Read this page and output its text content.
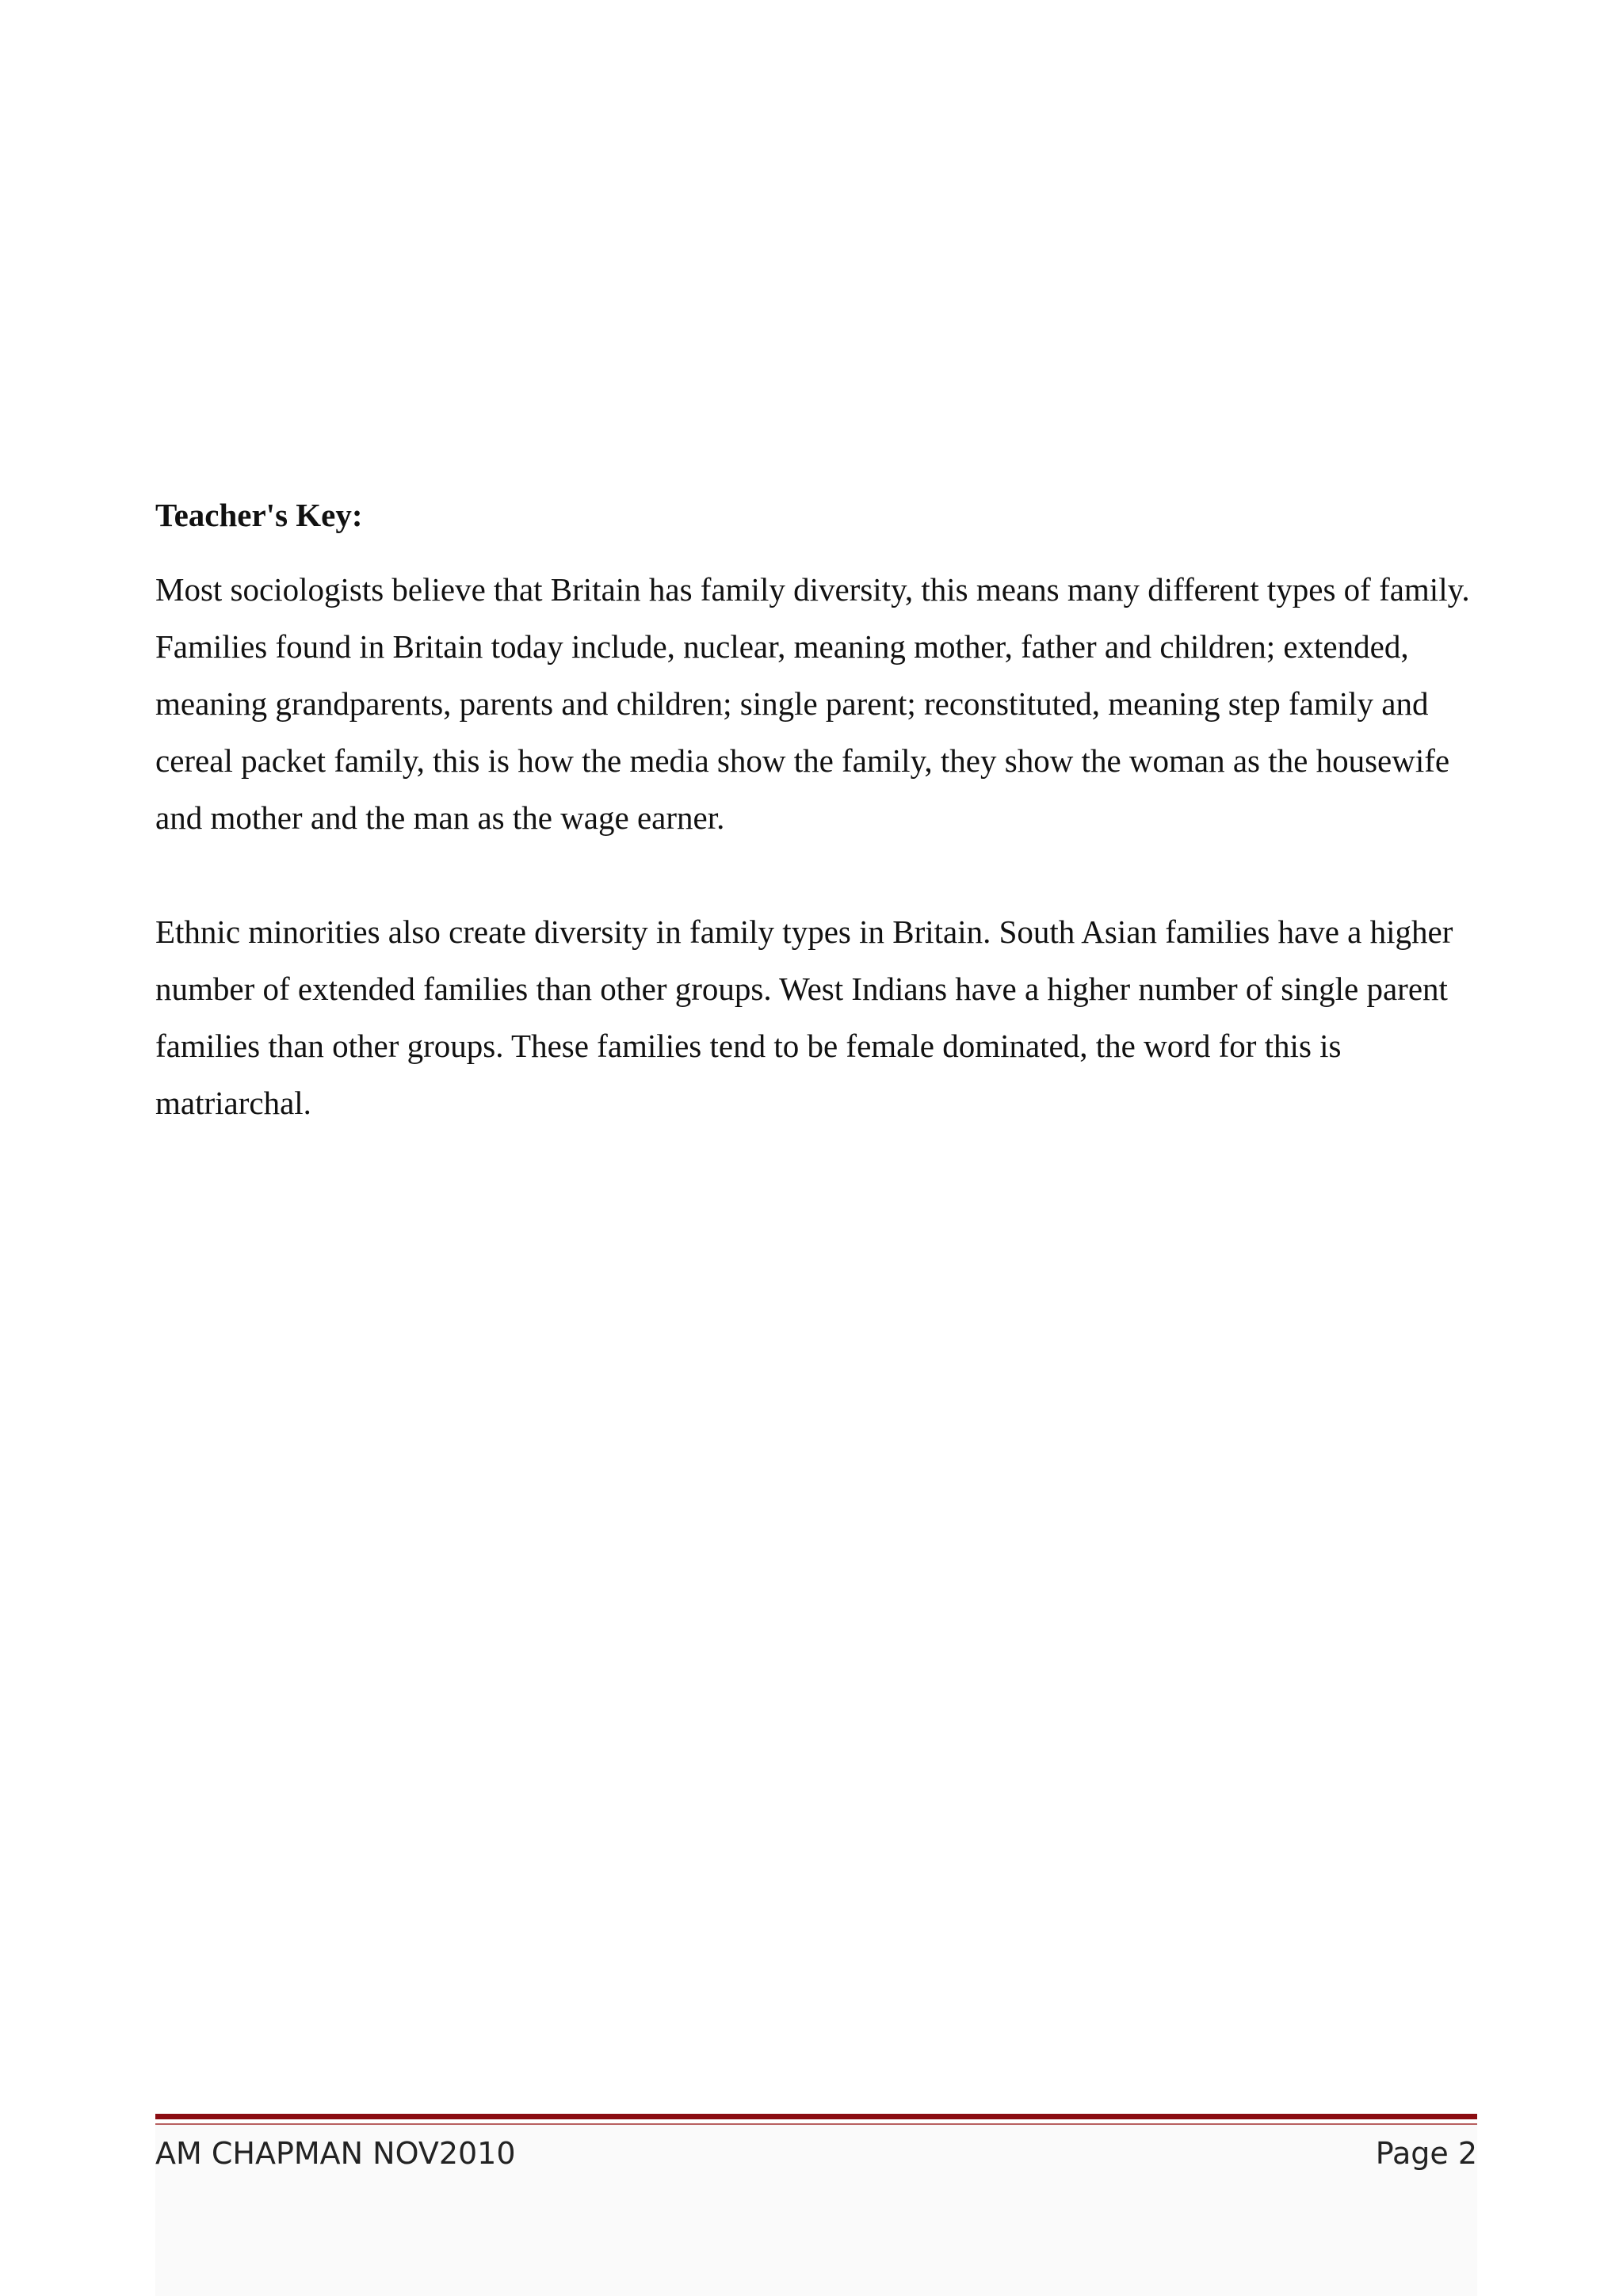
Teacher's Key:

Most sociologists believe that Britain has family diversity, this means many different types of family. Families found in Britain today include, nuclear, meaning mother, father and children; extended, meaning grandparents, parents and children; single parent; reconstituted, meaning step family and cereal packet family, this is how the media show the family, they show the woman as the housewife and mother and the man as the wage earner.

Ethnic minorities also create diversity in family types in Britain. South Asian families have a higher number of extended families than other groups. West Indians have a higher number of single parent families than other groups. These families tend to be female dominated, the word for this is matriarchal.

AM CHAPMAN NOV2010	Page 2
